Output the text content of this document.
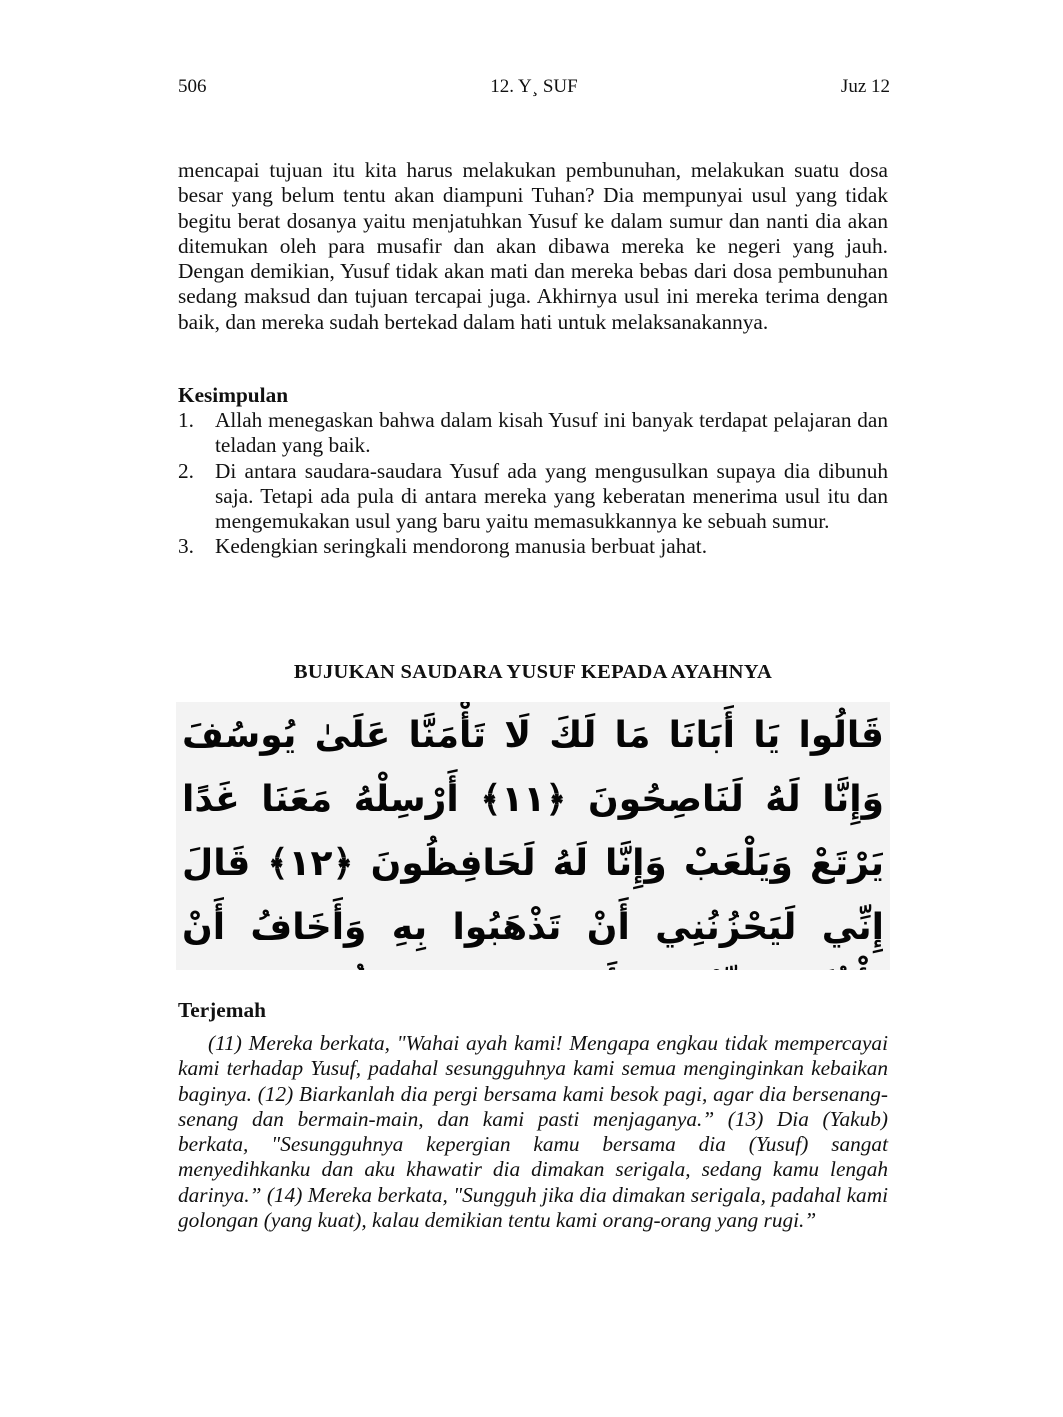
506	12. Y¸ SUF	Juz 12
mencapai tujuan itu kita harus melakukan pembunuhan, melakukan suatu dosa besar yang belum tentu akan diampuni Tuhan? Dia mempunyai usul yang tidak begitu berat dosanya yaitu menjatuhkan Yusuf ke dalam sumur dan nanti dia akan ditemukan oleh para musafir dan akan dibawa mereka ke negeri yang jauh. Dengan demikian, Yusuf tidak akan mati dan mereka bebas dari dosa pembunuhan sedang maksud dan tujuan tercapai juga. Akhirnya usul ini mereka terima dengan baik, dan mereka sudah bertekad dalam hati untuk melaksanakannya.
Kesimpulan
1. Allah menegaskan bahwa dalam kisah Yusuf ini banyak terdapat pelajaran dan teladan yang baik.
2. Di antara saudara-saudara Yusuf ada yang mengusulkan supaya dia dibunuh saja. Tetapi ada pula di antara mereka yang keberatan menerima usul itu dan mengemukakan usul yang baru yaitu memasukkannya ke sebuah sumur.
3. Kedengkian seringkali mendorong manusia berbuat jahat.
BUJUKAN SAUDARA YUSUF KEPADA AYAHNYA
قَالُوا يَا أَبَانَا مَا لَكَ لَا تَأْمَنَّا عَلَىٰ يُوسُفَ وَإِنَّا لَهُ لَنَاصِحُونَ ﴿١١﴾ أَرْسِلْهُ مَعَنَا غَدًا يَرْتَعْ وَيَلْعَبْ وَإِنَّا لَهُ لَحَافِظُونَ ﴿١٢﴾ قَالَ إِنِّي لَيَحْزُنُنِي أَنْ تَذْهَبُوا بِهِ وَأَخَافُ أَنْ
Terjemah
(11) Mereka berkata, "Wahai ayah kami! Mengapa engkau tidak mempercayai kami terhadap Yusuf, padahal sesungguhnya kami semua menginginkan kebaikan baginya. (12) Biarkanlah dia pergi bersama kami besok pagi, agar dia bersenang-senang dan bermain-main, dan kami pasti menjaganya.” (13) Dia (Yakub) berkata, "Sesungguhnya kepergian kamu bersama dia (Yusuf) sangat menyedihkanku dan aku khawatir dia dimakan serigala, sedang kamu lengah darinya.” (14) Mereka berkata, "Sungguh jika dia dimakan serigala, padahal kami golongan (yang kuat), kalau demikian tentu kami orang-orang yang rugi.”
